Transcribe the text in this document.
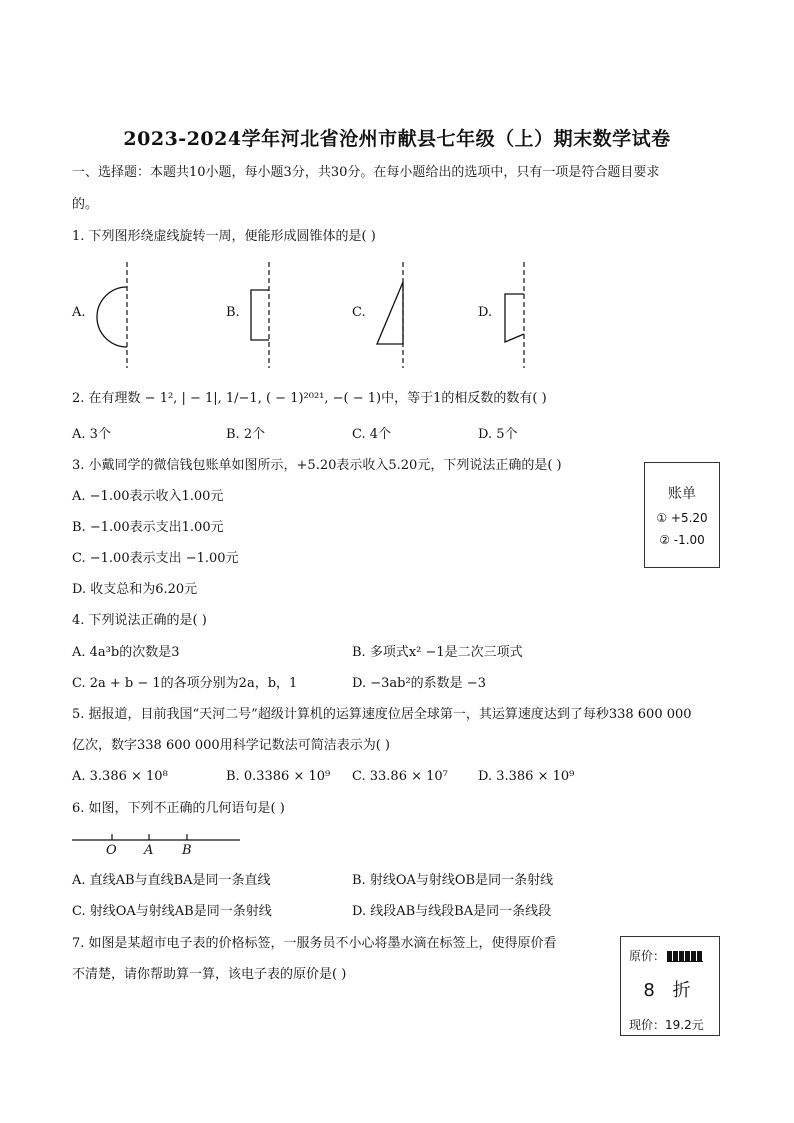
2023-2024学年河北省沧州市献县七年级（上）期末数学试卷
一、选择题：本题共10小题，每小题3分，共30分。在每小题给出的选项中，只有一项是符合题目要求
的。
1. 下列图形绕虚线旋转一周，便能形成圆锥体的是( )
A.	B.	C.	D.
2. 在有理数 − 1², | − 1|, 1/−1, ( − 1)²⁰²¹, −( − 1)中，等于1的相反数的数有( )
A. 3个	B. 2个	C. 4个	D. 5个
3. 小戴同学的微信钱包账单如图所示，+5.20表示收入5.20元，下列说法正确的是( )
A. −1.00表示收入1.00元
B. −1.00表示支出1.00元
C. −1.00表示支出 −1.00元
D. 收支总和为6.20元
账单
① +5.20
② -1.00
4. 下列说法正确的是( )
A. 4a³b的次数是3	B. 多项式x² −1是二次三项式
C. 2a + b − 1的各项分别为2a，b，1	D. −3ab²的系数是 −3
5. 据报道，目前我国“天河二号”超级计算机的运算速度位居全球第一，其运算速度达到了每秒338 600 000
亿次，数字338 600 000用科学记数法可简洁表示为( )
A. 3.386 × 10⁸	B. 0.3386 × 10⁹ C. 33.86 × 10⁷ D. 3.386 × 10⁹
6. 如图，下列不正确的几何语句是( )
O A B
A. 直线AB与直线BA是同一条直线	B. 射线OA与射线OB是同一条射线
C. 射线OA与射线AB是同一条射线	D. 线段AB与线段BA是同一条线段
7. 如图是某超市电子表的价格标签，一服务员不小心将墨水滴在标签上，使得原价看
不清楚，请你帮助算一算，该电子表的原价是( )
原价：
8 折
现价：19.2元
